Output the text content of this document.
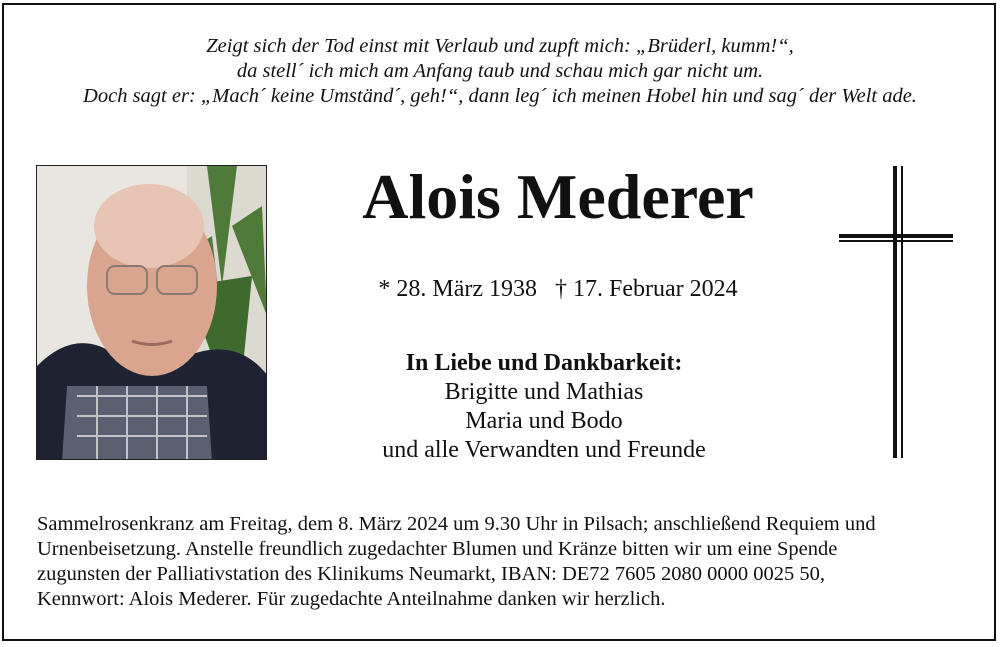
Zeigt sich der Tod einst mit Verlaub und zupft mich: „Brüderl, kumm!“,
da stell´ ich mich am Anfang taub und schau mich gar nicht um.
Doch sagt er: „Mach´ keine Umständ´, geh!“, dann leg´ ich meinen Hobel hin und sag´ der Welt ade.
Alois Mederer
* 28. März 1938   † 17. Februar 2024
In Liebe und Dankbarkeit:
Brigitte und Mathias
Maria und Bodo
und alle Verwandten und Freunde
Sammelrosenkranz am Freitag, dem 8. März 2024 um 9.30 Uhr in Pilsach; anschließend Requiem und
Urnenbeisetzung. Anstelle freundlich zugedachter Blumen und Kränze bitten wir um eine Spende
zugunsten der Palliativstation des Klinikums Neumarkt, IBAN: DE72 7605 2080 0000 0025 50,
Kennwort: Alois Mederer. Für zugedachte Anteilnahme danken wir herzlich.
